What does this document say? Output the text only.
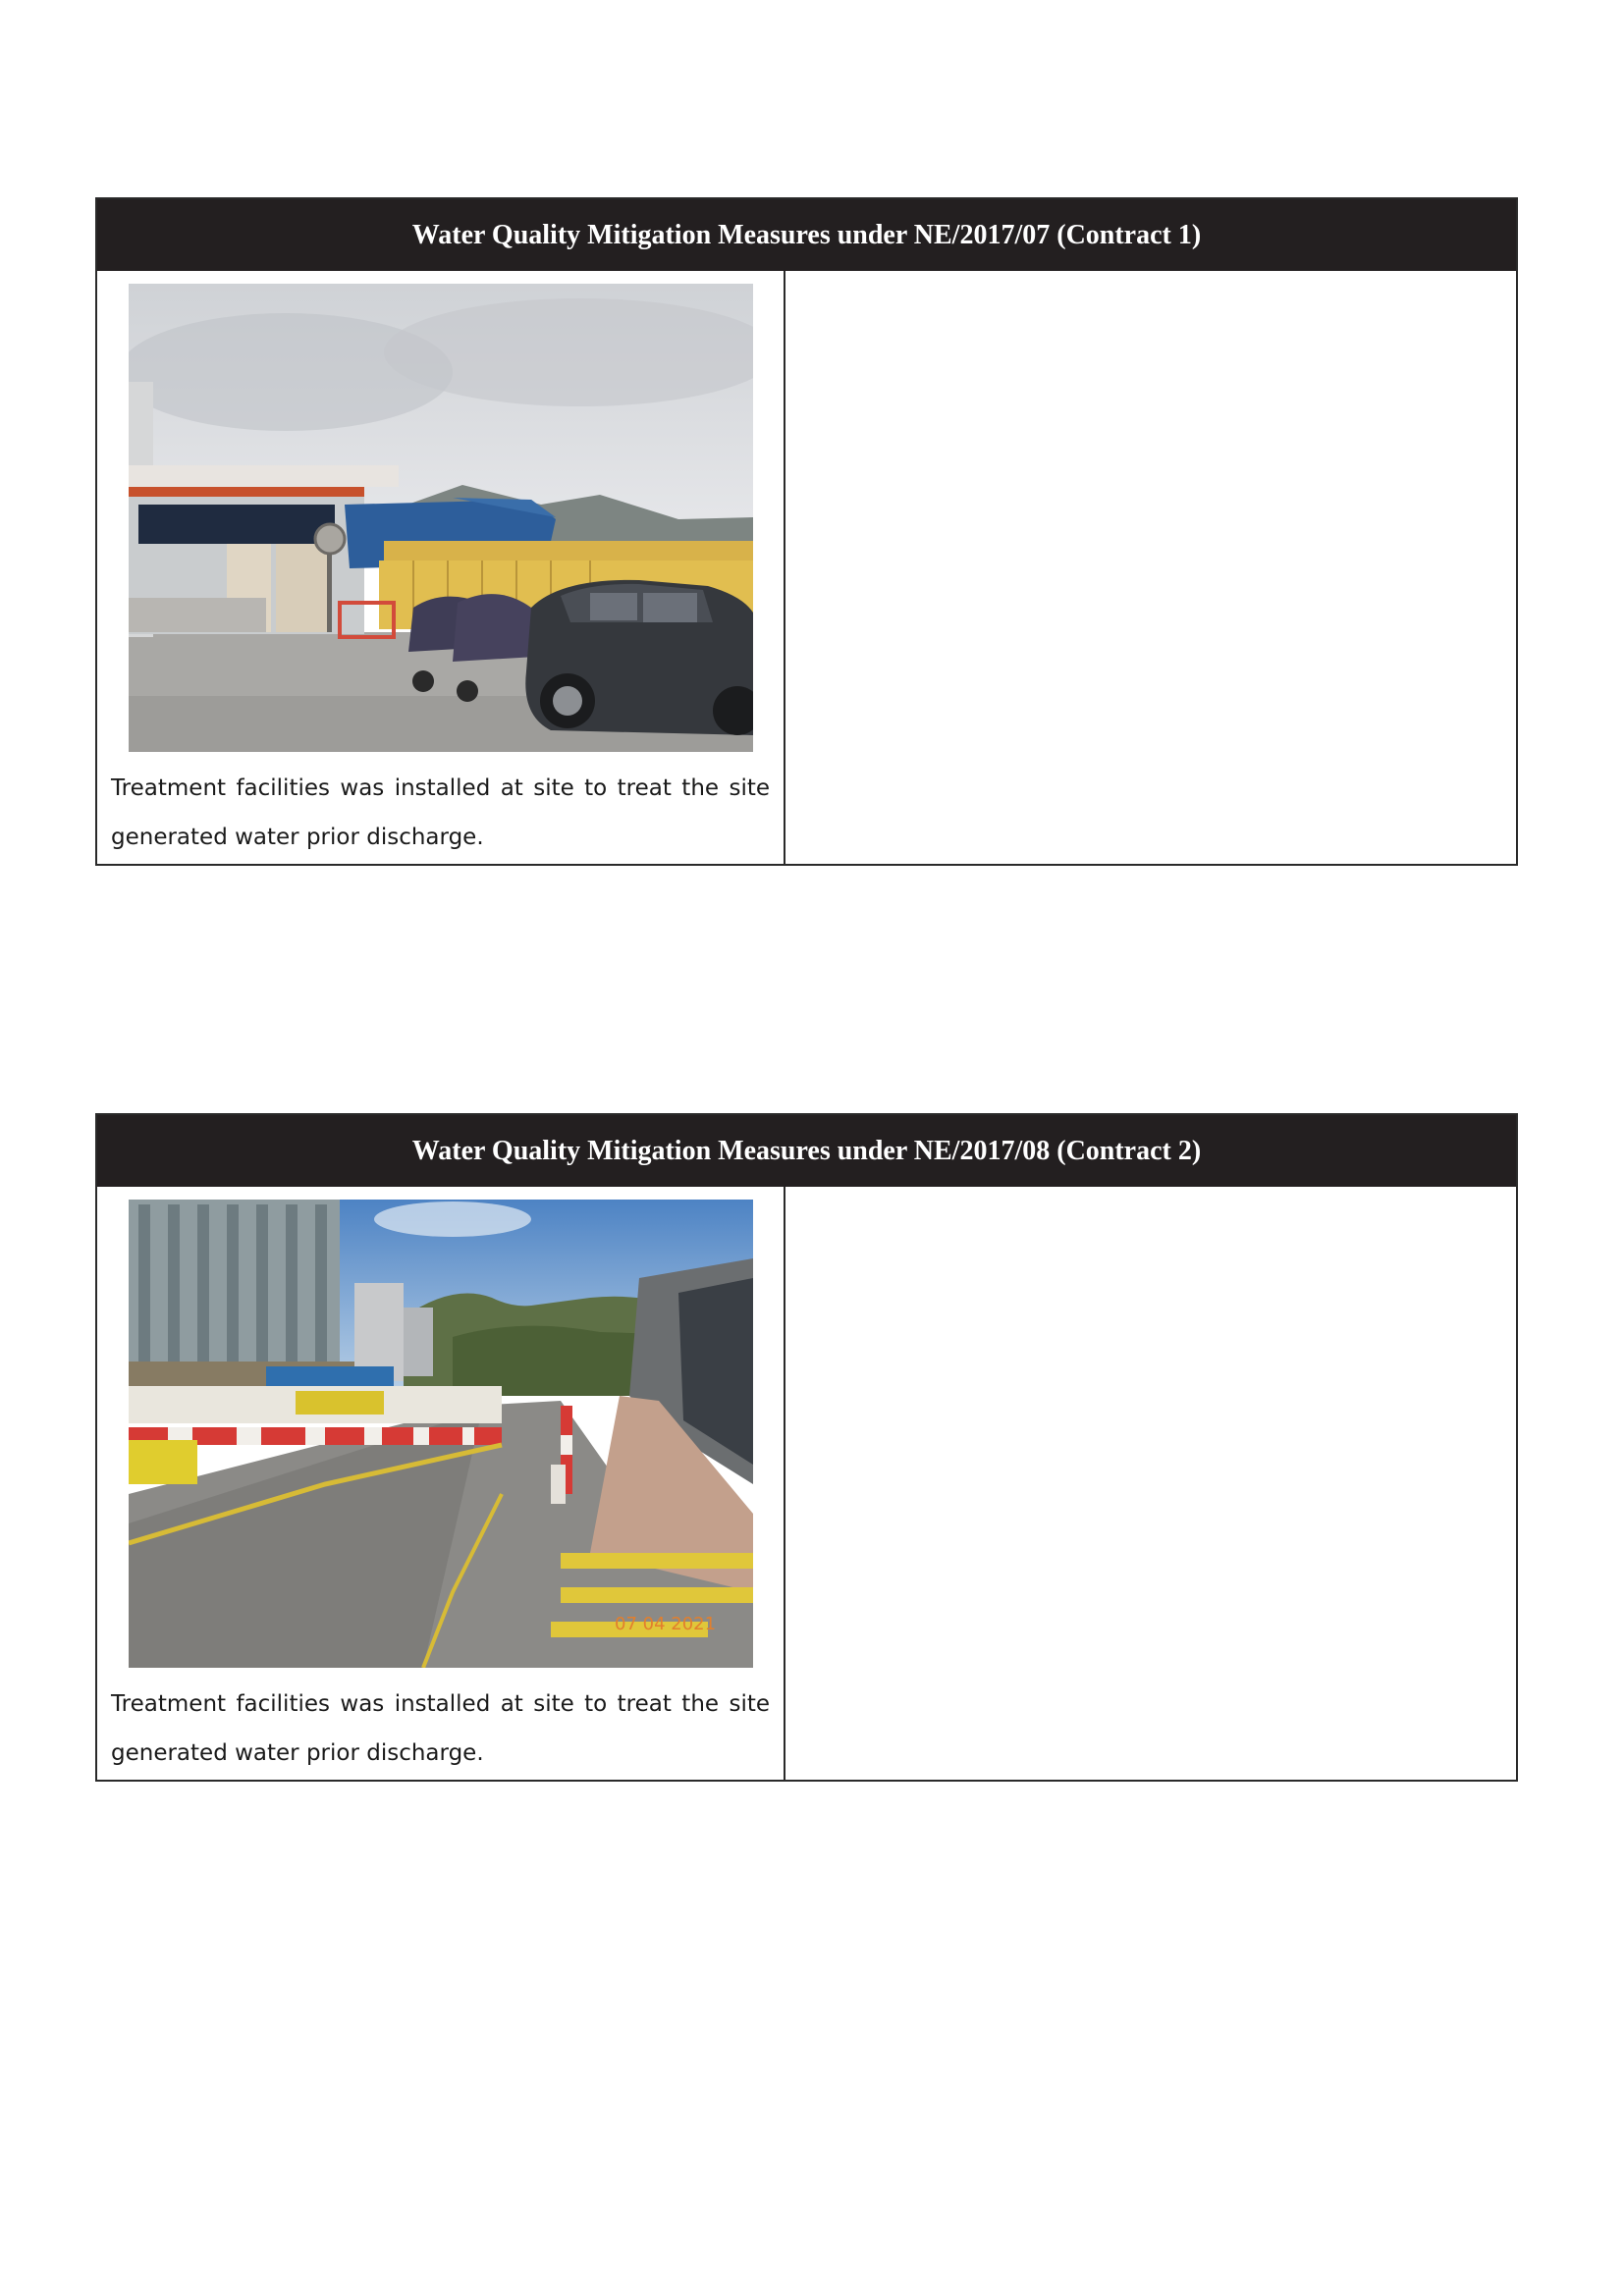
Water Quality Mitigation Measures under NE/2017/07 (Contract 1)
Treatment facilities was installed at site to treat the site generated water prior discharge.
Water Quality Mitigation Measures under NE/2017/08 (Contract 2)
07 04 2021
Treatment facilities was installed at site to treat the site generated water prior discharge.
